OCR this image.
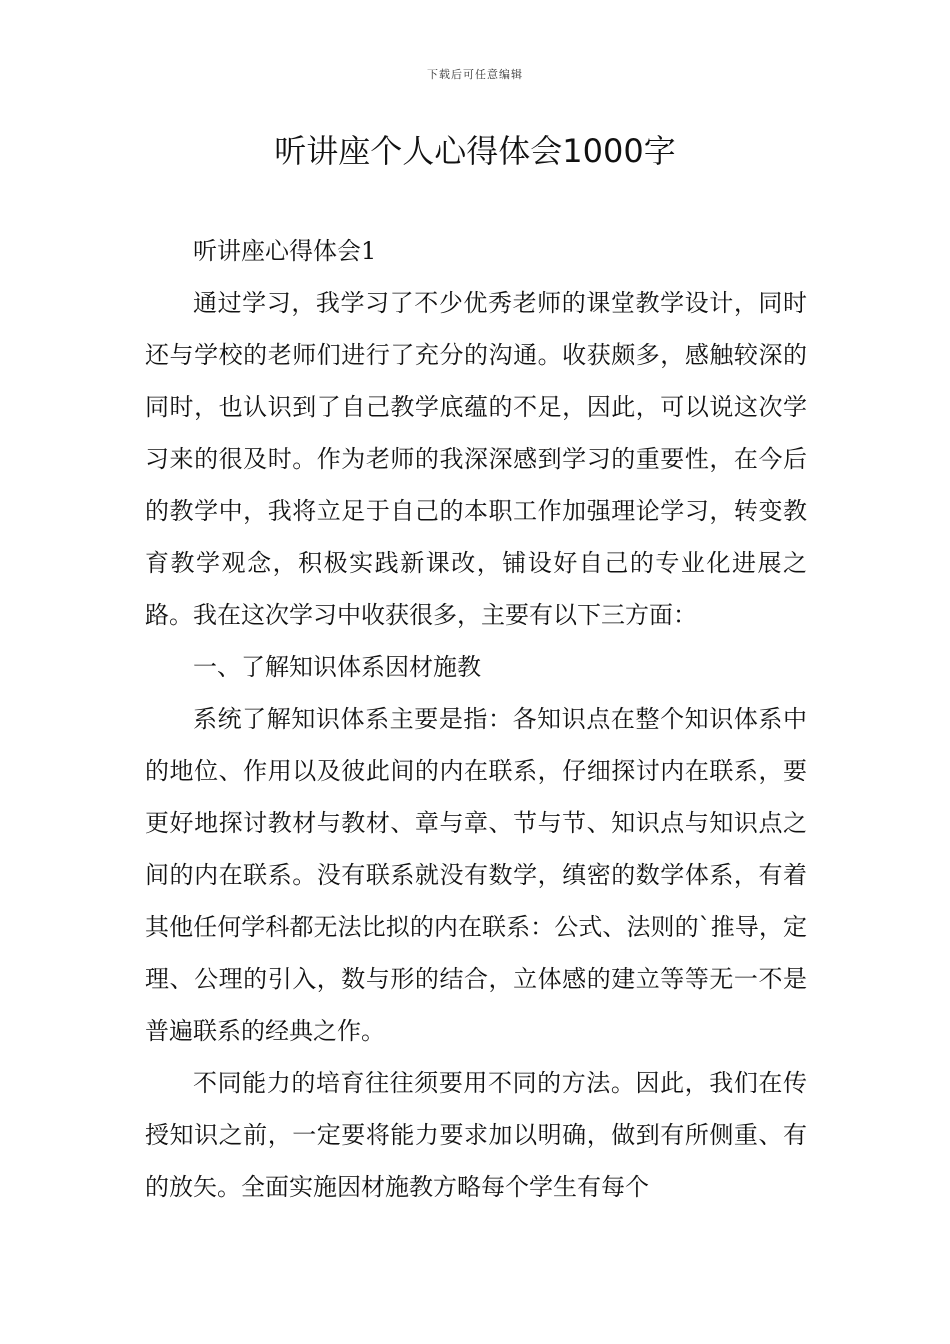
下载后可任意编辑
听讲座个人心得体会1000字

听讲座心得体会1

通过学习，我学习了不少优秀老师的课堂教学设计，同时还与学校的老师们进行了充分的沟通。收获颇多，感触较深的同时，也认识到了自己教学底蕴的不足，因此，可以说这次学习来的很及时。作为老师的我深深感到学习的重要性，在今后的教学中，我将立足于自己的本职工作加强理论学习，转变教育教学观念，积极实践新课改，铺设好自己的专业化进展之路。我在这次学习中收获很多，主要有以下三方面：

一、了解知识体系因材施教

系统了解知识体系主要是指：各知识点在整个知识体系中的地位、作用以及彼此间的内在联系，仔细探讨内在联系，要更好地探讨教材与教材、章与章、节与节、知识点与知识点之间的内在联系。没有联系就没有数学，缜密的数学体系，有着其他任何学科都无法比拟的内在联系：公式、法则的`推导，定理、公理的引入，数与形的结合，立体感的建立等等无一不是普遍联系的经典之作。

不同能力的培育往往须要用不同的方法。因此，我们在传授知识之前，一定要将能力要求加以明确，做到有所侧重、有的放矢。全面实施因材施教方略每个学生有每个
